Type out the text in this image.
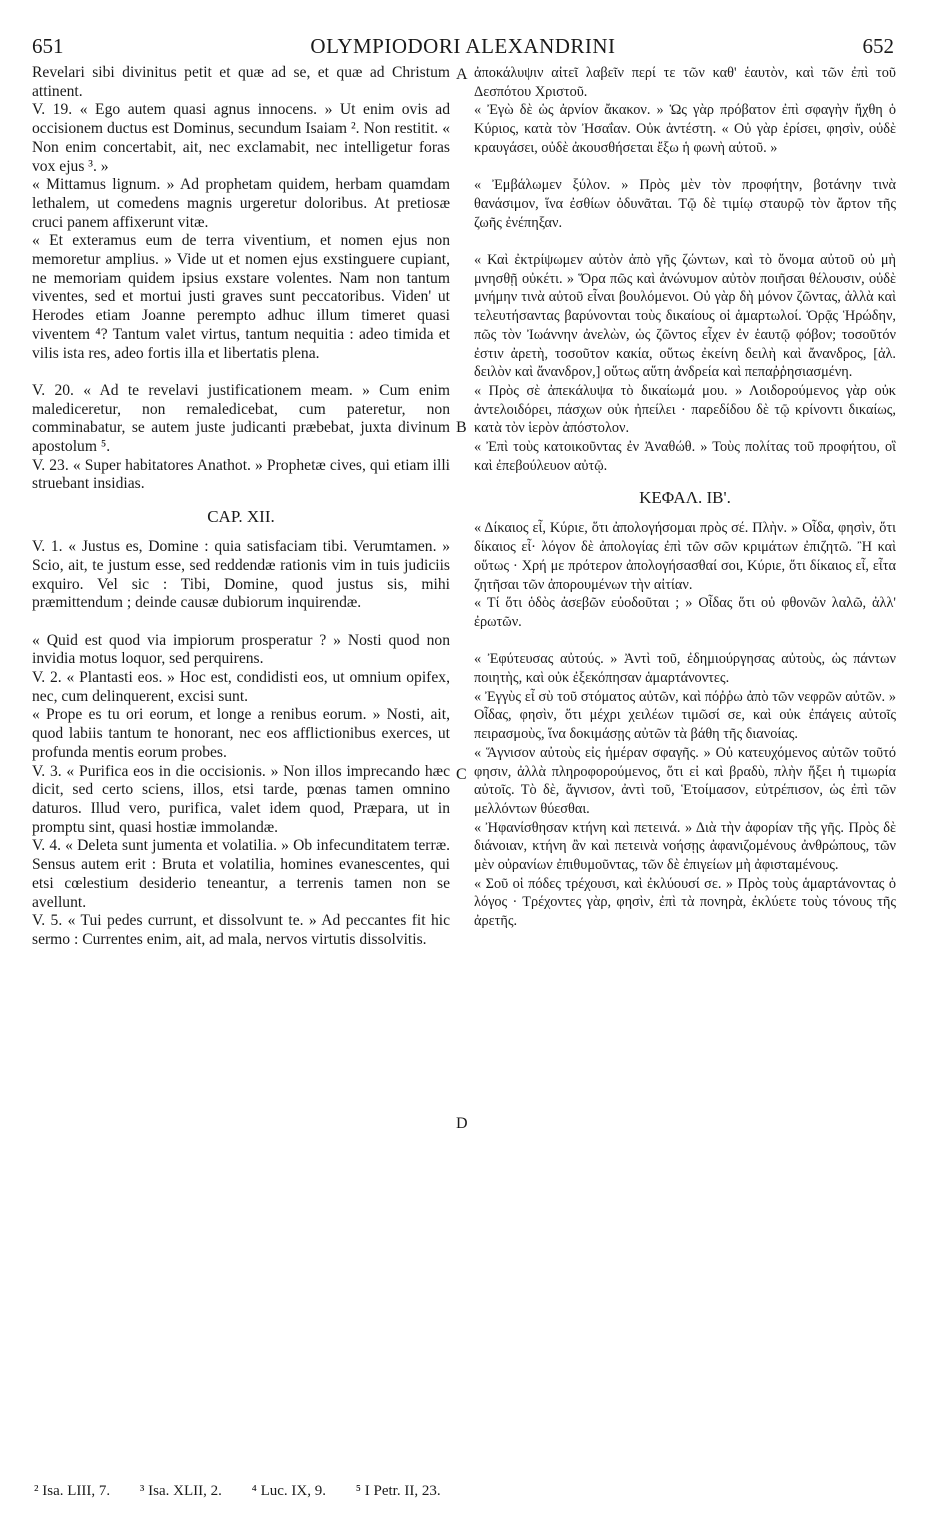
651	OLYMPIODORI ALEXANDRINI	652
A
B
C
D

Revelari sibi divinitus petit et quæ ad se, et quæ ad Christum attinent.

V. 19. « Ego autem quasi agnus innocens. » Ut enim ovis ad occisionem ductus est Dominus, secundum Isaiam ². Non restitit. « Non enim concertabit, ait, nec exclamabit, nec intelligetur foras vox ejus ³. »

« Mittamus lignum. » Ad prophetam quidem, herbam quamdam lethalem, ut comedens magnis urgeretur doloribus. At pretiosæ cruci panem affixerunt vitæ.

« Et exteramus eum de terra viventium, et nomen ejus non memoretur amplius. » Vide ut et nomen ejus exstinguere cupiant, ne memoriam quidem ipsius exstare volentes. Nam non tantum viventes, sed et mortui justi graves sunt peccatoribus. Viden' ut Herodes etiam Joanne perempto adhuc illum timeret quasi viventem ⁴? Tantum valet virtus, tantum nequitia : adeo timida et vilis ista res, adeo fortis illa et libertatis plena.

V. 20. « Ad te revelavi justificationem meam. » Cum enim malediceretur, non remaledicebat, cum pateretur, non comminabatur, se autem juste judicanti præbebat, juxta divinum apostolum ⁵.

V. 23. « Super habitatores Anathot. » Prophetæ cives, qui etiam illi struebant insidias.

CAP. XII.

V. 1. « Justus es, Domine : quia satisfaciam tibi. Verumtamen. » Scio, ait, te justum esse, sed reddendæ rationis vim in tuis judiciis exquiro. Vel sic : Tibi, Domine, quod justus sis, mihi præmittendum ; deinde causæ dubiorum inquirendæ.

« Quid est quod via impiorum prosperatur ? » Nosti quod non invidia motus loquor, sed perquirens.

V. 2. « Plantasti eos. » Hoc est, condidisti eos, ut omnium opifex, nec, cum delinquerent, excisi sunt.

« Prope es tu ori eorum, et longe a renibus eorum. » Nosti, ait, quod labiis tantum te honorant, nec eos afflictionibus exerces, ut profunda mentis eorum probes.

V. 3. « Purifica eos in die occisionis. » Non illos imprecando hæc dicit, sed certo sciens, illos, etsi tarde, pœnas tamen omnino daturos. Illud vero, purifica, valet idem quod, Præpara, ut in promptu sint, quasi hostiæ immolandæ.

V. 4. « Deleta sunt jumenta et volatilia. » Ob infecunditatem terræ. Sensus autem erit : Bruta et volatilia, homines evanescentes, qui etsi cœlestium desiderio teneantur, a terrenis tamen non se avellunt.

V. 5. « Tui pedes currunt, et dissolvunt te. » Ad peccantes fit hic sermo : Currentes enim, ait, ad mala, nervos virtutis dissolvitis.

ἀποκάλυψιν αἰτεῖ λαβεῖν περί τε τῶν καθ' ἑαυτὸν, καὶ τῶν ἐπὶ τοῦ Δεσπότου Χριστοῦ.

« Ἐγὼ δὲ ὡς ἀρνίον ἄκακον. » Ὡς γὰρ πρόβατον ἐπὶ σφαγὴν ἤχθη ὁ Κύριος, κατὰ τὸν Ἠσαΐαν. Οὐκ ἀντέστη. « Οὐ γὰρ ἐρίσει, φησὶν, οὐδὲ κραυγάσει, οὐδὲ ἀκουσθήσεται ἔξω ἡ φωνὴ αὐτοῦ. »

« Ἐμβάλωμεν ξύλον. » Πρὸς μὲν τὸν προφήτην, βοτάνην τινὰ θανάσιμον, ἵνα ἐσθίων ὀδυνᾶται. Τῷ δὲ τιμίῳ σταυρῷ τὸν ἄρτον τῆς ζωῆς ἐνέπηξαν.

« Καὶ ἐκτρίψωμεν αὐτὸν ἀπὸ γῆς ζώντων, καὶ τὸ ὄνομα αὐτοῦ οὐ μὴ μνησθῇ οὐκέτι. » Ὅρα πῶς καὶ ἀνώνυμον αὐτὸν ποιῆσαι θέλουσιν, οὐδὲ μνήμην τινὰ αὐτοῦ εἶναι βουλόμενοι. Οὐ γὰρ δὴ μόνον ζῶντας, ἀλλὰ καὶ τελευτήσαντας βαρύνονται τοὺς δικαίους οἱ ἁμαρτωλοί. Ὁρᾷς Ἡρώδην, πῶς τὸν Ἰωάννην ἀνελὼν, ὡς ζῶντος εἶχεν ἐν ἑαυτῷ φόβον; τοσοῦτόν ἐστιν ἀρετὴ, τοσοῦτον κακία, οὕτως ἐκείνη δειλὴ καὶ ἄνανδρος, [ἀλ. δειλὸν καὶ ἄνανδρον,] οὕτως αὕτη ἀνδρεία καὶ πεπαῤῥησιασμένη.

« Πρὸς σὲ ἀπεκάλυψα τὸ δικαίωμά μου. » Λοιδορούμενος γὰρ οὐκ ἀντελοιδόρει, πάσχων οὐκ ἠπείλει · παρεδίδου δὲ τῷ κρίνοντι δικαίως, κατὰ τὸν ἱερὸν ἀπόστολον.

« Ἐπὶ τοὺς κατοικοῦντας ἐν Ἀναθώθ. » Τοὺς πολίτας τοῦ προφήτου, οἳ καὶ ἐπεβούλευον αὐτῷ.

ΚΕΦΑΛ. ΙΒ'.

« Δίκαιος εἶ, Κύριε, ὅτι ἀπολογήσομαι πρὸς σέ. Πλὴν. » Οἶδα, φησὶν, ὅτι δίκαιος εἶ· λόγον δὲ ἀπολογίας ἐπὶ τῶν σῶν κριμάτων ἐπιζητῶ. Ἢ καὶ οὕτως · Χρή με πρότερον ἀπολογήσασθαί σοι, Κύριε, ὅτι δίκαιος εἶ, εἶτα ζητῆσαι τῶν ἀπορουμένων τὴν αἰτίαν.

« Τί ὅτι ὁδὸς ἀσεβῶν εὐοδοῦται ; » Οἶδας ὅτι οὐ φθονῶν λαλῶ, ἀλλ' ἐρωτῶν.

« Ἐφύτευσας αὐτούς. » Ἀντὶ τοῦ, ἐδημιούργησας αὐτοὺς, ὡς πάντων ποιητὴς, καὶ οὐκ ἐξεκόπησαν ἁμαρτάνοντες.

« Ἐγγὺς εἶ σὺ τοῦ στόματος αὐτῶν, καὶ πόῤῥω ἀπὸ τῶν νεφρῶν αὐτῶν. » Οἶδας, φησὶν, ὅτι μέχρι χειλέων τιμῶσί σε, καὶ οὐκ ἐπάγεις αὐτοῖς πειρασμοὺς, ἵνα δοκιμάσῃς αὐτῶν τὰ βάθη τῆς διανοίας.

« Ἅγνισον αὐτοὺς εἰς ἡμέραν σφαγῆς. » Οὐ κατευχόμενος αὐτῶν τοῦτό φησιν, ἀλλὰ πληροφορούμενος, ὅτι εἰ καὶ βραδὺ, πλὴν ἥξει ἡ τιμωρία αὐτοῖς. Τὸ δὲ, ἅγνισον, ἀντὶ τοῦ, Ἑτοίμασον, εὐτρέπισον, ὡς ἐπὶ τῶν μελλόντων θύεσθαι.

« Ἠφανίσθησαν κτήνη καὶ πετεινά. » Διὰ τὴν ἀφορίαν τῆς γῆς. Πρὸς δὲ διάνοιαν, κτήνη ἂν καὶ πετεινὰ νοήσῃς ἀφανιζομένους ἀνθρώπους, τῶν μὲν οὐρανίων ἐπιθυμοῦντας, τῶν δὲ ἐπιγείων μὴ ἀφισταμένους.

« Σοῦ οἱ πόδες τρέχουσι, καὶ ἐκλύουσί σε. » Πρὸς τοὺς ἁμαρτάνοντας ὁ λόγος · Τρέχοντες γὰρ, φησὶν, ἐπὶ τὰ πονηρὰ, ἐκλύετε τοὺς τόνους τῆς ἀρετῆς.

² Isa. LIII, 7. ³ Isa. XLII, 2. ⁴ Luc. IX, 9. ⁵ I Petr. II, 23.
